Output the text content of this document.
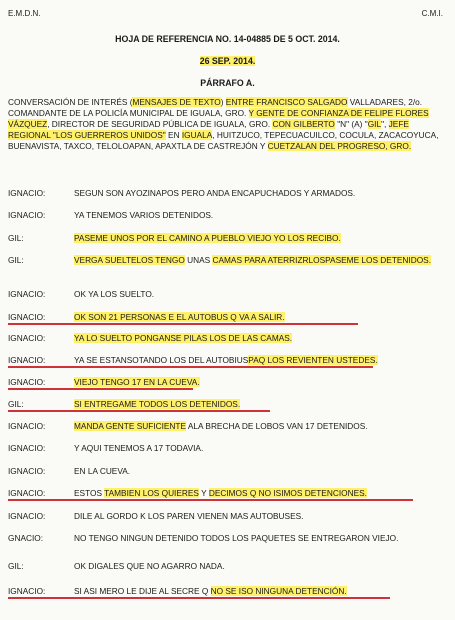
E.M.D.N.	C.M.I.
HOJA DE REFERENCIA NO. 14-04885 DE 5 OCT. 2014.
26 SEP. 2014.
PÁRRAFO A.
CONVERSACIÓN DE INTERÉS (MENSAJES DE TEXTO) ENTRE FRANCISCO SALGADO VALLADARES, 2/o. COMANDANTE DE LA POLICÍA MUNICIPAL DE IGUALA, GRO. Y GENTE DE CONFIANZA DE FELIPE FLORES VÁZQUEZ, DIRECTOR DE SEGURIDAD PÚBLICA DE IGUALA, GRO. CON GILBERTO "N" (A) "GIL", JEFE REGIONAL "LOS GUERREROS UNIDOS" EN IGUALA, HUITZUCO, TEPECUACUILCO, COCULA, ZACACOYUCA, BUENAVISTA, TAXCO, TELOLOAPAN, APAXTLA DE CASTREJÓN Y CUETZALAN DEL PROGRESO, GRO.
IGNACIO:	SEGUN SON AYOZINAPOS PERO ANDA ENCAPUCHADOS Y ARMADOS.
IGNACIO:	YA TENEMOS VARIOS DETENIDOS.
GIL:	PASEME UNOS POR EL CAMINO A PUEBLO VIEJO YO LOS RECIBO.
GIL:	VERGA SUELTELOS TENGO UNAS CAMAS PARA ATERRIZRLOSPASEME LOS DETENIDOS.
IGNACIO:	OK YA LOS SUELTO.
IGNACIO:	OK SON 21 PERSONAS E EL AUTOBUS Q VA A SALIR.
IGNACIO:	YA LO SUELTO PONGANSE PILAS LOS DE LAS CAMAS.
IGNACIO:	YA SE ESTANSOTANDO LOS DEL AUTOBIUSPAQ LOS REVIENTEN USTEDES.
IGNACIO:	VIEJO TENGO 17 EN LA CUEVA.
GIL:	SI ENTREGAME TODOS LOS DETENIDOS.
IGNACIO:	MANDA GENTE SUFICIENTE ALA BRECHA DE LOBOS VAN 17 DETENIDOS.
IGNACIO:	Y AQUI TENEMOS A 17 TODAVIA.
IGNACIO:	EN LA CUEVA.
IGNACIO:	ESTOS TAMBIEN LOS QUIERES Y DECIMOS Q NO ISIMOS DETENCIONES.
IGNACIO:	DILE AL GORDO K LOS PAREN VIENEN MAS AUTOBUSES.
GNACIO:	NO TENGO NINGUN DETENIDO TODOS LOS PAQUETES SE ENTREGARON VIEJO.
GIL:	OK DIGALES QUE NO AGARRO NADA.
IGNACIO:	SI ASI MERO LE DIJE AL SECRE Q NO SE ISO NINGUNA DETENCIÓN.
